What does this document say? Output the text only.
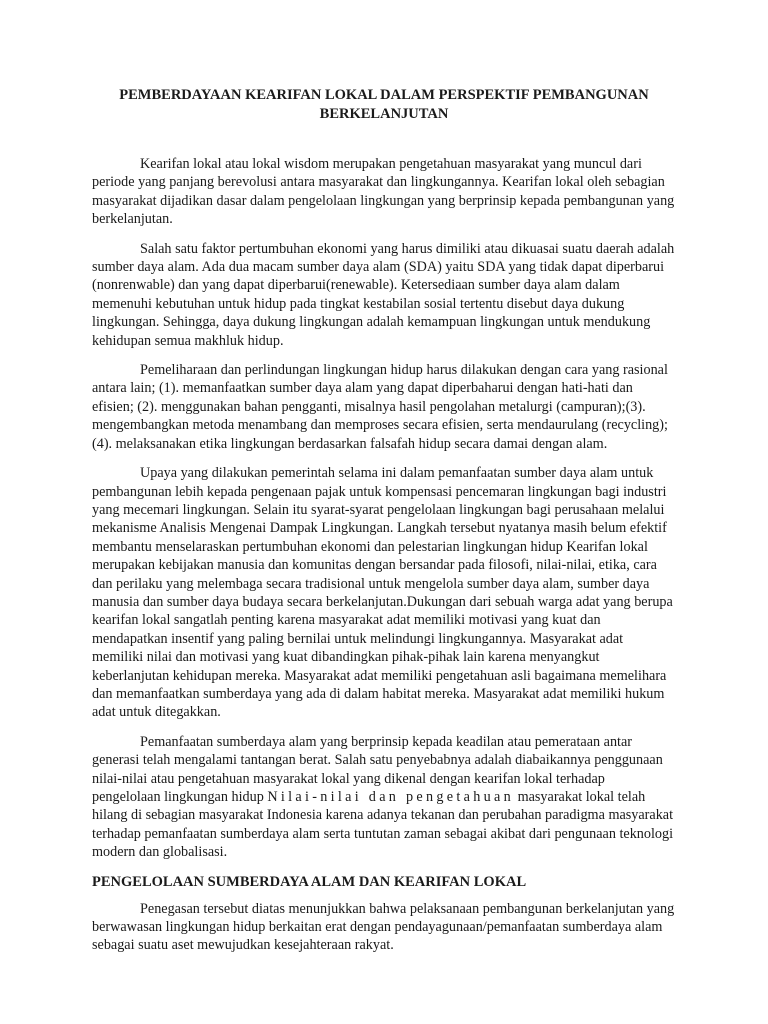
PEMBERDAYAAN KEARIFAN LOKAL DALAM PERSPEKTIF PEMBANGUNAN BERKELANJUTAN

Kearifan lokal atau lokal wisdom merupakan pengetahuan masyarakat yang muncul dari periode yang panjang berevolusi antara masyarakat dan lingkungannya. Kearifan lokal oleh sebagian masyarakat dijadikan dasar dalam pengelolaan lingkungan yang berprinsip kepada pembangunan yang berkelanjutan.

Salah satu faktor pertumbuhan ekonomi yang harus dimiliki atau dikuasai suatu daerah adalah sumber daya alam. Ada dua macam sumber daya alam (SDA) yaitu SDA yang tidak dapat diperbarui (nonrenwable) dan yang dapat diperbarui(renewable). Ketersediaan sumber daya alam dalam memenuhi kebutuhan untuk hidup pada tingkat kestabilan sosial tertentu disebut daya dukung lingkungan. Sehingga, daya dukung lingkungan adalah kemampuan lingkungan untuk mendukung kehidupan semua makhluk hidup.

Pemeliharaan dan perlindungan lingkungan hidup harus dilakukan dengan cara yang rasional antara lain; (1). memanfaatkan sumber daya alam yang dapat diperbaharui dengan hati-hati dan efisien; (2). menggunakan bahan pengganti, misalnya hasil pengolahan metalurgi (campuran);(3). mengembangkan metoda menambang dan memproses secara efisien, serta mendaurulang (recycling); (4). melaksanakan etika lingkungan berdasarkan falsafah hidup secara damai dengan alam.

Upaya yang dilakukan pemerintah selama ini dalam pemanfaatan sumber daya alam untuk pembangunan lebih kepada pengenaan pajak untuk kompensasi pencemaran lingkungan bagi industri yang mecemari lingkungan. Selain itu syarat-syarat pengelolaan lingkungan bagi perusahaan melalui mekanisme Analisis Mengenai Dampak Lingkungan. Langkah tersebut nyatanya masih belum efektif membantu menselaraskan pertumbuhan ekonomi dan pelestarian lingkungan hidup Kearifan lokal merupakan kebijakan manusia dan komunitas dengan bersandar pada filosofi, nilai-nilai, etika, cara dan perilaku yang melembaga secara tradisional untuk mengelola sumber daya alam, sumber daya manusia dan sumber daya budaya secara berkelanjutan.Dukungan dari sebuah warga adat yang berupa kearifan lokal sangatlah penting karena masyarakat adat memiliki motivasi yang kuat dan mendapatkan insentif yang paling bernilai untuk melindungi lingkungannya. Masyarakat adat memiliki nilai dan motivasi yang kuat dibandingkan pihak-pihak lain karena menyangkut keberlanjutan kehidupan mereka. Masyarakat adat memiliki pengetahuan asli bagaimana memelihara dan memanfaatkan sumberdaya yang ada di dalam habitat mereka. Masyarakat adat memiliki hukum adat untuk ditegakkan.

Pemanfaatan sumberdaya alam yang berprinsip kepada keadilan atau pemerataan antar generasi telah mengalami tantangan berat. Salah satu penyebabnya adalah diabaikannya penggunaan nilai-nilai atau pengetahuan masyarakat lokal yang dikenal dengan kearifan lokal terhadap pengelolaan lingkungan hidup Nilai-nilai dan pengetahuan masyarakat lokal telah hilang di sebagian masyarakat Indonesia karena adanya tekanan dan perubahan paradigma masyarakat terhadap pemanfaatan sumberdaya alam serta tuntutan zaman sebagai akibat dari pengunaan teknologi modern dan globalisasi.

PENGELOLAAN SUMBERDAYA ALAM DAN KEARIFAN LOKAL

Penegasan tersebut diatas menunjukkan bahwa pelaksanaan pembangunan berkelanjutan yang berwawasan lingkungan hidup berkaitan erat dengan pendayagunaan/pemanfaatan sumberdaya alam sebagai suatu aset mewujudkan kesejahteraan rakyat.
